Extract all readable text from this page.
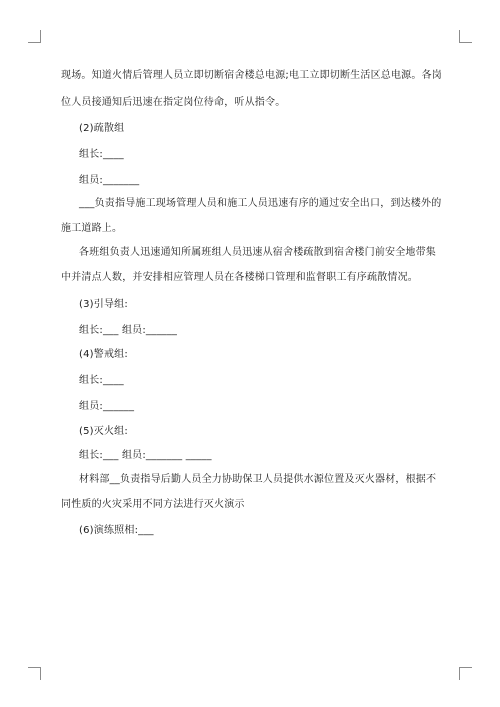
现场。知道火情后管理人员立即切断宿舍楼总电源;电工立即切断生活区总电源。各岗
位人员接通知后迅速在指定岗位待命，听从指令。
(2)疏散组
组长:____
组员:_______
___负责指导施工现场管理人员和施工人员迅速有序的通过安全出口，到达楼外的
施工道路上。
各班组负责人迅速通知所属班组人员迅速从宿舍楼疏散到宿舍楼门前安全地带集
中并清点人数，并安排相应管理人员在各楼梯口管理和监督职工有序疏散情况。
(3)引导组:
组长:___ 组员:______
(4)警戒组:
组长:____
组员:______
(5)灭火组:
组长:___ 组员:_______ _____
材料部__负责指导后勤人员全力协助保卫人员提供水源位置及灭火器材，根据不
同性质的火灾采用不同方法进行灭火演示
(6)演练照相:___
